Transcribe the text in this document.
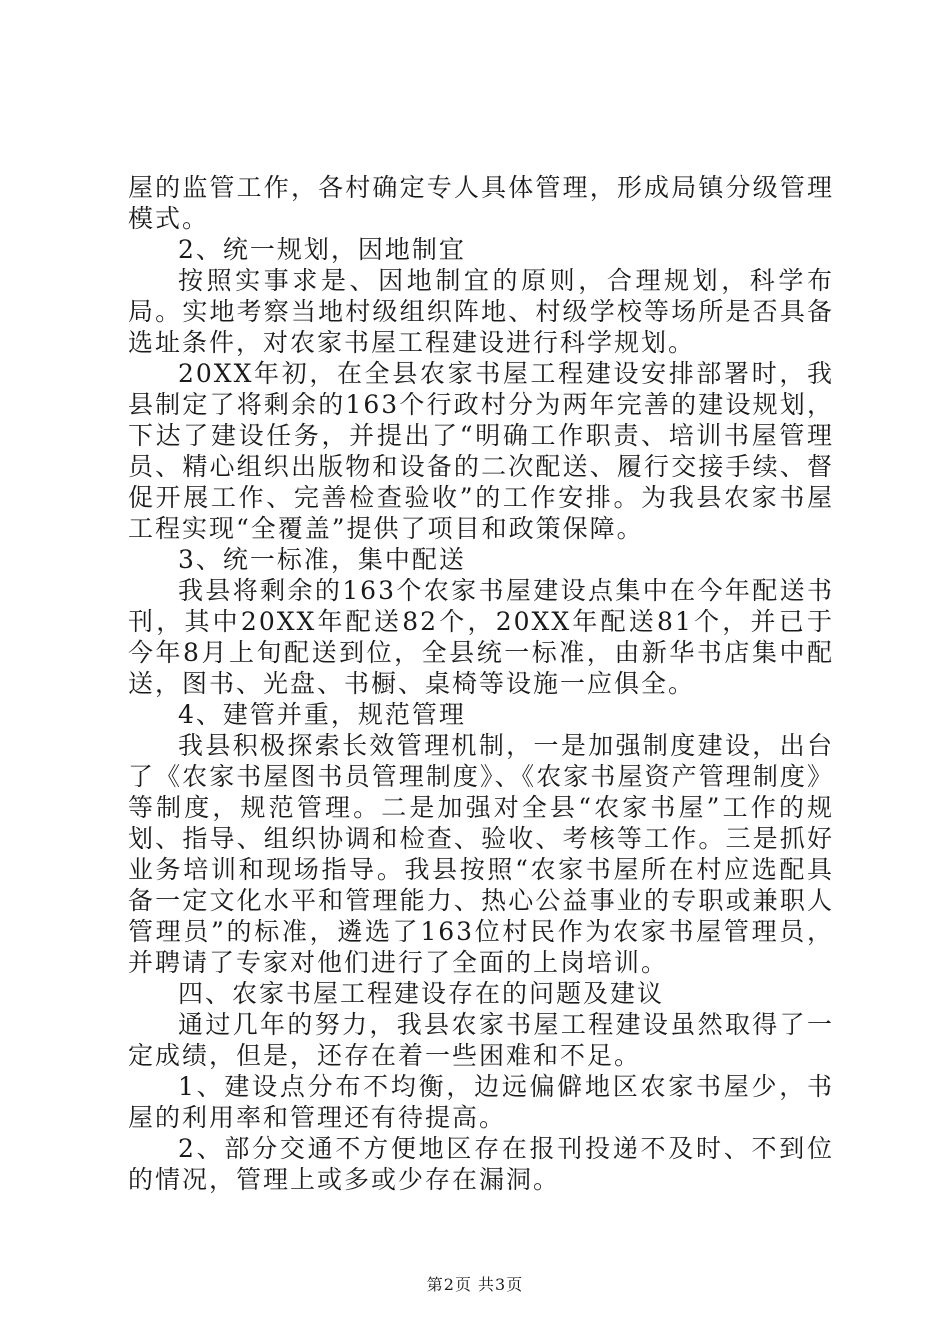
屋的监管工作，各村确定专人具体管理，形成局镇分级管理模式。

2、统一规划，因地制宜

按照实事求是、因地制宜的原则，合理规划，科学布局。实地考察当地村级组织阵地、村级学校等场所是否具备选址条件，对农家书屋工程建设进行科学规划。

20XX年初，在全县农家书屋工程建设安排部署时，我县制定了将剩余的163个行政村分为两年完善的建设规划，下达了建设任务，并提出了“明确工作职责、培训书屋管理员、精心组织出版物和设备的二次配送、履行交接手续、督促开展工作、完善检查验收”的工作安排。为我县农家书屋工程实现“全覆盖”提供了项目和政策保障。

3、统一标准，集中配送

我县将剩余的163个农家书屋建设点集中在今年配送书刊，其中20XX年配送82个，20XX年配送81个，并已于今年8月上旬配送到位，全县统一标准，由新华书店集中配送，图书、光盘、书橱、桌椅等设施一应俱全。

4、建管并重，规范管理

我县积极探索长效管理机制，一是加强制度建设，出台了《农家书屋图书员管理制度》、《农家书屋资产管理制度》等制度，规范管理。二是加强对全县“农家书屋”工作的规划、指导、组织协调和检查、验收、考核等工作。三是抓好业务培训和现场指导。我县按照“农家书屋所在村应选配具备一定文化水平和管理能力、热心公益事业的专职或兼职人管理员”的标准，遴选了163位村民作为农家书屋管理员，并聘请了专家对他们进行了全面的上岗培训。

四、农家书屋工程建设存在的问题及建议

通过几年的努力，我县农家书屋工程建设虽然取得了一定成绩，但是，还存在着一些困难和不足。

1、建设点分布不均衡，边远偏僻地区农家书屋少，书屋的利用率和管理还有待提高。

2、部分交通不方便地区存在报刊投递不及时、不到位的情况，管理上或多或少存在漏洞。

第2页 共3页
